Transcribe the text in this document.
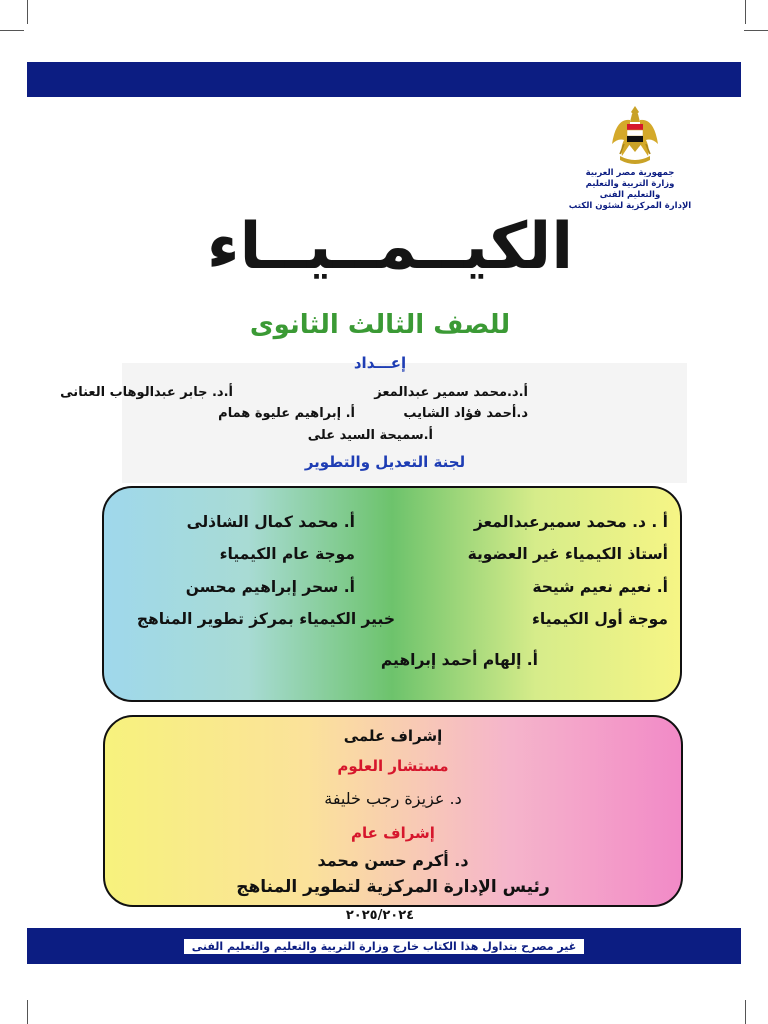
جمهورية مصر العربية
وزارة التربية والتعليم
والتعليم الفنى
الإدارة المركزية لشئون الكتب
الكيــمــيــاء
للصف الثالث الثانوى
إعـــداد
أ.د.محمد سمير عبدالمعز
أ.د. جابر عبدالوهاب العنانى
د.أحمد فؤاد الشايب
أ. إبراهيم عليوة همام
أ.سميحة السيد على
لجنة التعديل والتطوير
أ . د. محمد سميرعبدالمعز
أستاذ الكيمياء غير العضوية
أ. نعيم نعيم شيحة
موجة أول الكيمياء
أ. محمد كمال الشاذلى
موجة عام الكيمياء
أ. سحر إبراهيم محسن
خبير الكيمياء بمركز تطوير المناهج
أ. إلهام أحمد إبراهيم
إشراف علمى
مستشار العلوم
د. عزيزة رجب خليفة
إشراف عام
د. أكرم حسن محمد
رئيس الإدارة المركزية لتطوير المناهج
٢٠٢٥/٢٠٢٤
غير مصرح بتداول هذا الكتاب خارج وزارة التربية والتعليم والتعليم الفنى
